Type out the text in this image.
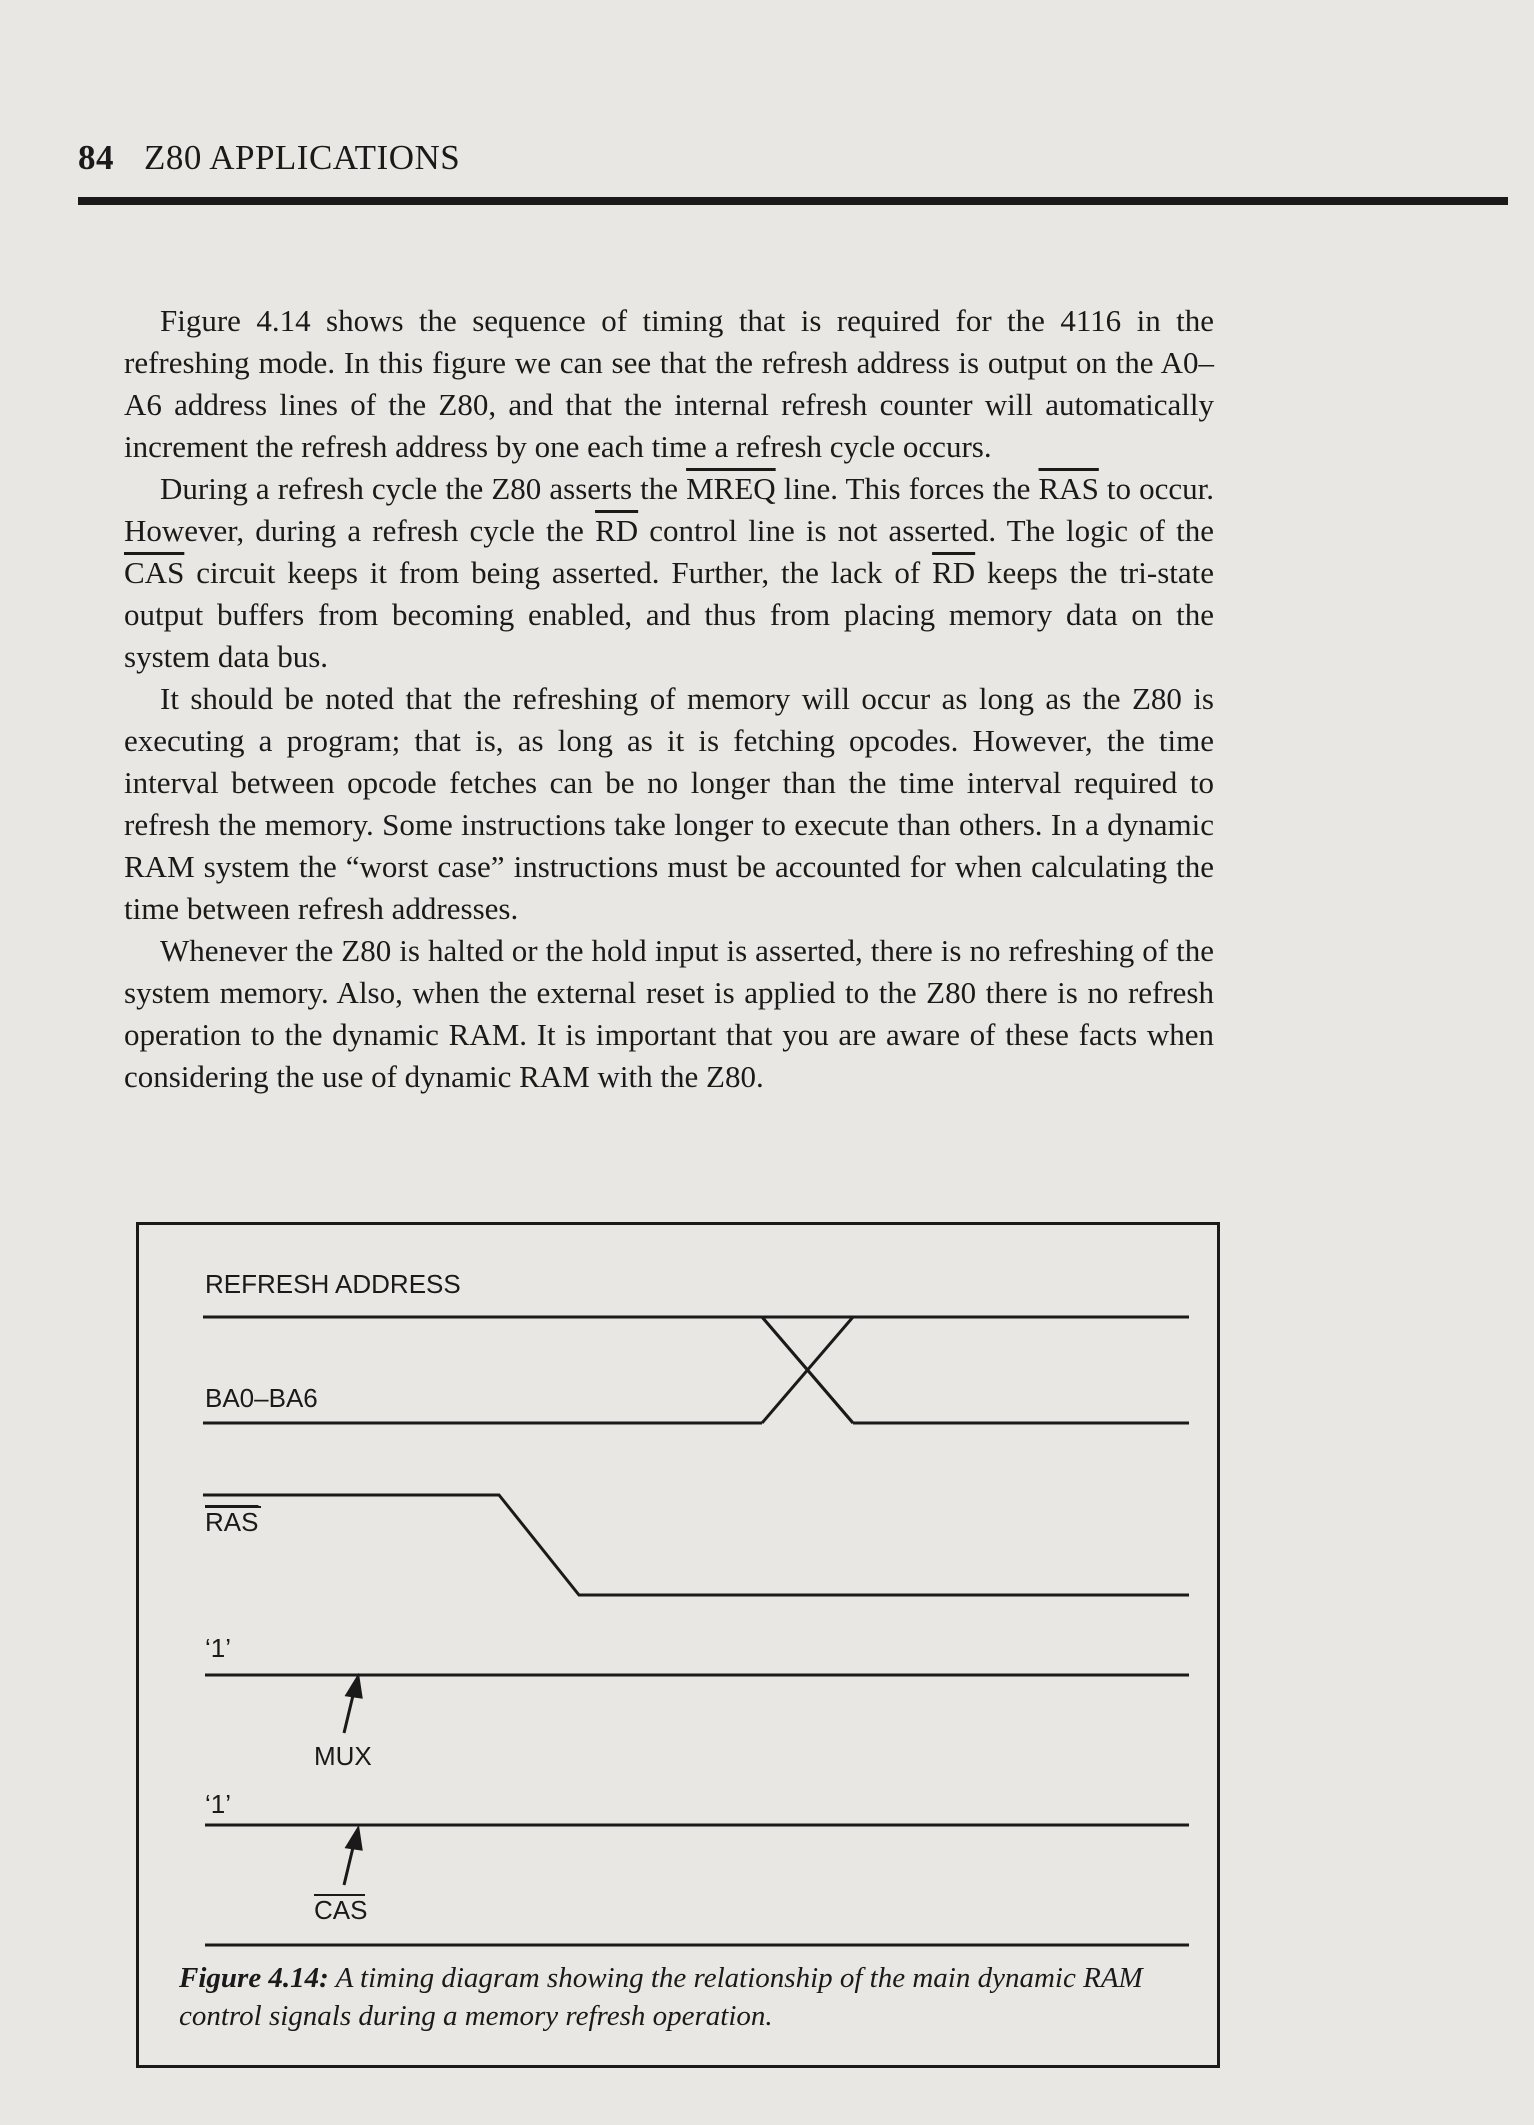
84 Z80 APPLICATIONS

Figure 4.14 shows the sequence of timing that is required for the 4116 in the refreshing mode. In this figure we can see that the refresh address is output on the A0–A6 address lines of the Z80, and that the internal refresh counter will automatically increment the refresh address by one each time a refresh cycle occurs.

During a refresh cycle the Z80 asserts the MREQ line. This forces the $\overline{RAS}$ to occur. However, during a refresh cycle the $\overline{RD}$ control line is not asserted. The logic of the $\overline{CAS}$ circuit keeps it from being asserted. Further, the lack of $\overline{RD}$ keeps the tri-state output buffers from becoming enabled, and thus from placing memory data on the system data bus.

It should be noted that the refreshing of memory will occur as long as the Z80 is executing a program; that is, as long as it is fetching opcodes. However, the time interval between opcode fetches can be no longer than the time interval required to refresh the memory. Some instructions take longer to execute than others. In a dynamic RAM system the “worst case” instructions must be accounted for when calculating the time between refresh addresses.

Whenever the Z80 is halted or the hold input is asserted, there is no refreshing of the system memory. Also, when the external reset is applied to the Z80 there is no refresh operation to the dynamic RAM. It is important that you are aware of these facts when considering the use of dynamic RAM with the Z80.

REFRESH ADDRESS
BA0–BA6
RAS
‘1’
MUX
‘1’
CAS
Figure 4.14: A timing diagram showing the relationship of the main dynamic RAM control signals during a memory refresh operation.
